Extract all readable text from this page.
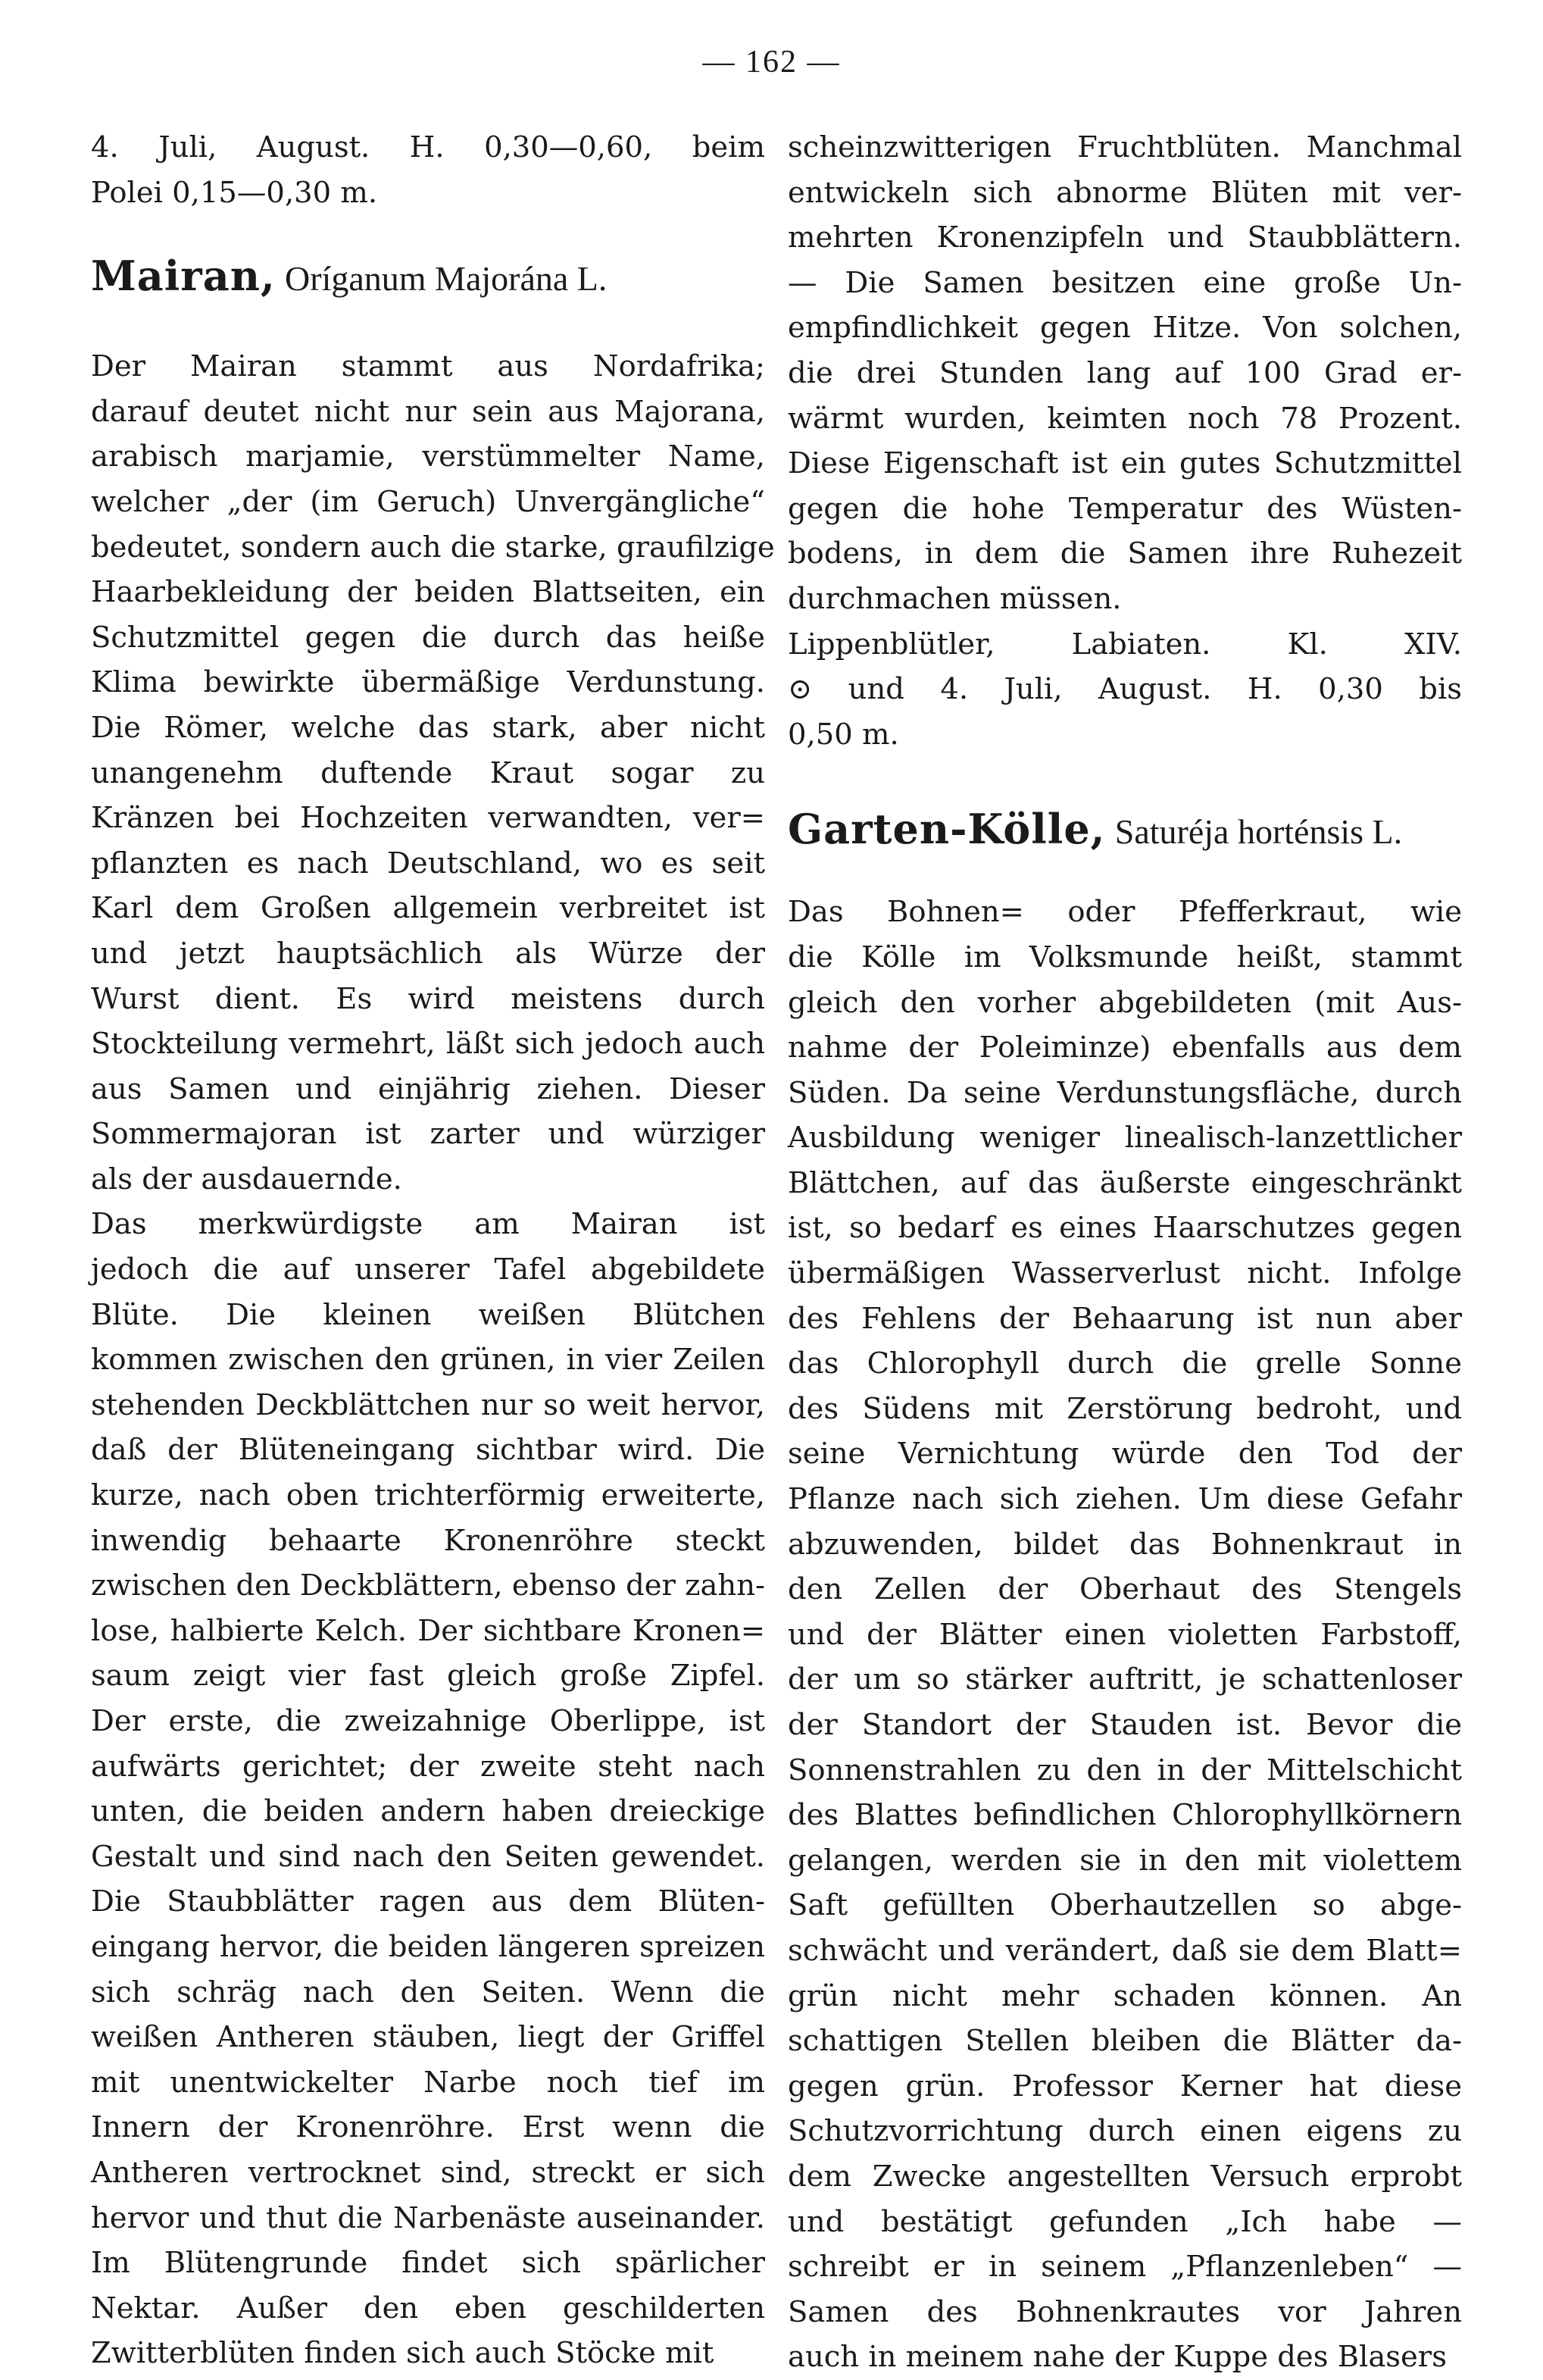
— 162 —
4. Juli, August. H. 0,30—0,60, beim
Polei 0,15—0,30 m.
Mairan, Oríganum Majorána L.
Der Mairan stammt aus Nordafrika;
darauf deutet nicht nur sein aus Majorana,
arabisch marjamie, verstümmelter Name,
welcher „der (im Geruch) Unvergängliche“
bedeutet, sondern auch die starke, graufilzige
Haarbekleidung der beiden Blattseiten, ein
Schutzmittel gegen die durch das heiße
Klima bewirkte übermäßige Verdunstung.
Die Römer, welche das stark, aber nicht
unangenehm duftende Kraut sogar zu
Kränzen bei Hochzeiten verwandten, ver=
pflanzten es nach Deutschland, wo es seit
Karl dem Großen allgemein verbreitet ist
und jetzt hauptsächlich als Würze der
Wurst dient. Es wird meistens durch
Stockteilung vermehrt, läßt sich jedoch auch
aus Samen und einjährig ziehen. Dieser
Sommermajoran ist zarter und würziger
als der ausdauernde.
Das merkwürdigste am Mairan ist
jedoch die auf unserer Tafel abgebildete
Blüte. Die kleinen weißen Blütchen
kommen zwischen den grünen, in vier Zeilen
stehenden Deckblättchen nur so weit hervor,
daß der Blüteneingang sichtbar wird. Die
kurze, nach oben trichterförmig erweiterte,
inwendig behaarte Kronenröhre steckt
zwischen den Deckblättern, ebenso der zahn-
lose, halbierte Kelch. Der sichtbare Kronen=
saum zeigt vier fast gleich große Zipfel.
Der erste, die zweizahnige Oberlippe, ist
aufwärts gerichtet; der zweite steht nach
unten, die beiden andern haben dreieckige
Gestalt und sind nach den Seiten gewendet.
Die Staubblätter ragen aus dem Blüten-
eingang hervor, die beiden längeren spreizen
sich schräg nach den Seiten. Wenn die
weißen Antheren stäuben, liegt der Griffel
mit unentwickelter Narbe noch tief im
Innern der Kronenröhre. Erst wenn die
Antheren vertrocknet sind, streckt er sich
hervor und thut die Narbenäste auseinander.
Im Blütengrunde findet sich spärlicher
Nektar. Außer den eben geschilderten
Zwitterblüten finden sich auch Stöcke mit
scheinzwitterigen Fruchtblüten. Manchmal
entwickeln sich abnorme Blüten mit ver-
mehrten Kronenzipfeln und Staubblättern.
— Die Samen besitzen eine große Un-
empfindlichkeit gegen Hitze. Von solchen,
die drei Stunden lang auf 100 Grad er-
wärmt wurden, keimten noch 78 Prozent.
Diese Eigenschaft ist ein gutes Schutzmittel
gegen die hohe Temperatur des Wüsten-
bodens, in dem die Samen ihre Ruhezeit
durchmachen müssen.
Lippenblütler, Labiaten. Kl. XIV.
⊙ und 4. Juli, August. H. 0,30 bis
0,50 m.
Garten-Kölle, Saturéja horténsis L.
Das Bohnen= oder Pfefferkraut, wie
die Kölle im Volksmunde heißt, stammt
gleich den vorher abgebildeten (mit Aus-
nahme der Poleiminze) ebenfalls aus dem
Süden. Da seine Verdunstungsfläche, durch
Ausbildung weniger linealisch-lanzettlicher
Blättchen, auf das äußerste eingeschränkt
ist, so bedarf es eines Haarschutzes gegen
übermäßigen Wasserverlust nicht. Infolge
des Fehlens der Behaarung ist nun aber
das Chlorophyll durch die grelle Sonne
des Südens mit Zerstörung bedroht, und
seine Vernichtung würde den Tod der
Pflanze nach sich ziehen. Um diese Gefahr
abzuwenden, bildet das Bohnenkraut in
den Zellen der Oberhaut des Stengels
und der Blätter einen violetten Farbstoff,
der um so stärker auftritt, je schattenloser
der Standort der Stauden ist. Bevor die
Sonnenstrahlen zu den in der Mittelschicht
des Blattes befindlichen Chlorophyllkörnern
gelangen, werden sie in den mit violettem
Saft gefüllten Oberhautzellen so abge-
schwächt und verändert, daß sie dem Blatt=
grün nicht mehr schaden können. An
schattigen Stellen bleiben die Blätter da-
gegen grün. Professor Kerner hat diese
Schutzvorrichtung durch einen eigens zu
dem Zwecke angestellten Versuch erprobt
und bestätigt gefunden „Ich habe —
schreibt er in seinem „Pflanzenleben“ —
Samen des Bohnenkrautes vor Jahren
auch in meinem nahe der Kuppe des Blasers
